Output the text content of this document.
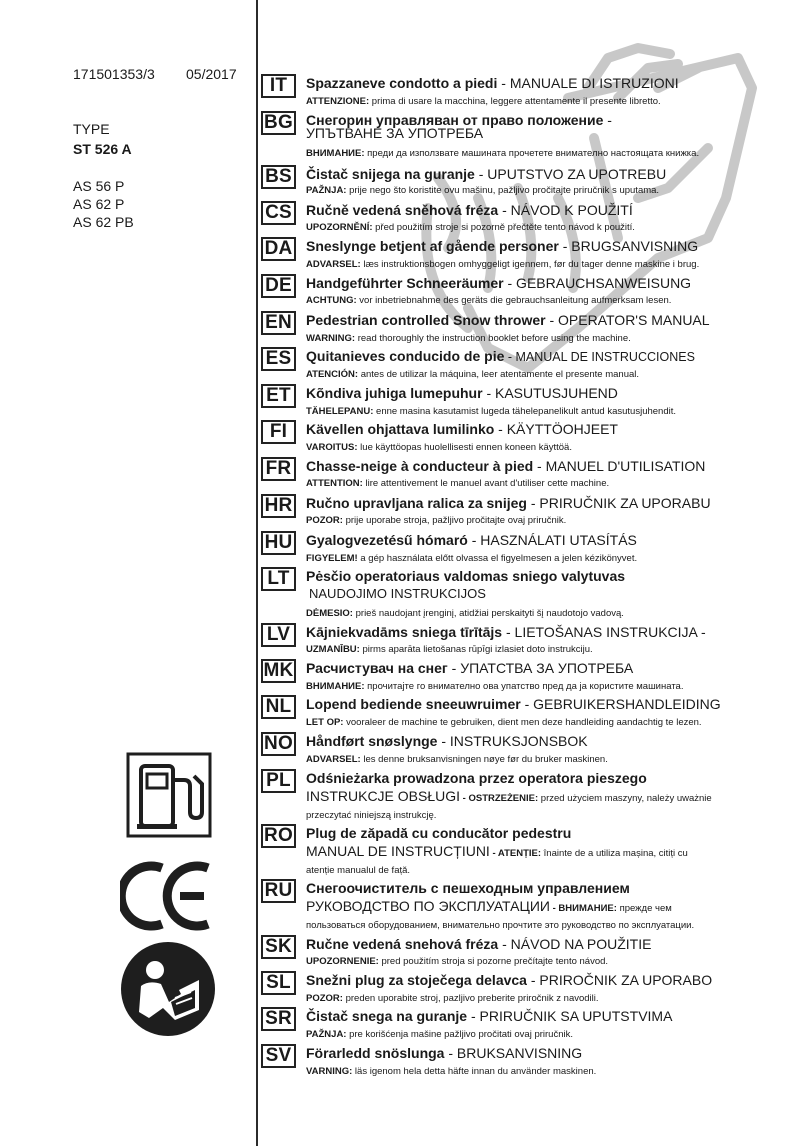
171501353/3 05/2017
TYPE
ST 526 A
AS 56 P
AS 62 P
AS 62 PB
IT	Spazzaneve condotto a piedi - MANUALE DI ISTRUZIONI
ATTENZIONE: prima di usare la macchina, leggere attentamente il presente libretto.
BG Снегорин управляван от право положение -
УПЪТВАНЕ ЗА УПОТРЕБА
ВНИМАНИЕ: преди да използвате машината прочетете внимателно настоящата книжка.
BS Čistač snijega na guranje - UPUTSTVO ZA UPOTREBU
PAŽNJA: prije nego što koristite ovu mašinu, pažljivo pročitajte priručnik s uputama.
CS Ručně vedená sněhová fréza - NÁVOD K POUŽITÍ
UPOZORNĚNÍ: před použitím stroje si pozorně přečtěte tento návod k použití.
DA Sneslynge betjent af gående personer - BRUGSANVISNING
ADVARSEL: læs instruktionsbogen omhyggeligt igennem, før du tager denne maskine i brug.
DE Handgeführter Schneeräumer - GEBRAUCHSANWEISUNG
ACHTUNG: vor inbetriebnahme des geräts die gebrauchsanleitung aufmerksam lesen.
EN Pedestrian controlled Snow thrower - OPERATOR'S MANUAL
WARNING: read thoroughly the instruction booklet before using the machine.
ES	Quitanieves conducido de pie - MANUAL DE INSTRUCCIONES
ATENCIÓN: antes de utilizar la máquina, leer atentamente el presente manual.
ET	Kõndiva juhiga lumepuhur - KASUTUSJUHEND
TÄHELEPANU: enne masina kasutamist lugeda tähelepanelikult antud kasutusjuhendit.
FI	Kävellen ohjattava lumilinko - KÄYTTÖOHJEET
VAROITUS: lue käyttöopas huolellisesti ennen koneen käyttöä.
FR	Chasse-neige à conducteur à pied - MANUEL D'UTILISATION
ATTENTION: lire attentivement le manuel avant d'utiliser cette machine.
HR Ručno upravljana ralica za snijeg - PRIRUČNIK ZA UPORABU
POZOR: prije uporabe stroja, pažljivo pročitajte ovaj priručnik.
HU Gyalogvezetésű hómaró - HASZNÁLATI UTASÍTÁS
FIGYELEM! a gép használata előtt olvassa el figyelmesen a jelen kézikönyvet.
LT	Pėsčio operatoriaus valdomas sniego valytuvas
NAUDOJIMO INSTRUKCIJOS
DĖMESIO: prieš naudojant įrenginį, atidžiai perskaityti šį naudotojo vadovą.
LV	Kājniekvadāms sniega tīrītājs - LIETOŠANAS INSTRUKCIJA -
UZMANĪBU: pirms aparāta lietošanas rūpīgi izlasiet doto instrukciju.
MK Расчистувач на снег - УПАТСТВА ЗА УПОТРЕБА
ВНИМАНИЕ: прочитајте го внимателно ова упатство пред да ја користите машината.
NL	Lopend bediende sneeuwruimer - GEBRUIKERSHANDLEIDING
LET OP: vooraleer de machine te gebruiken, dient men deze handleiding aandachtig te lezen.
NO Håndført snøslynge - INSTRUKSJONSBOK
ADVARSEL: les denne bruksanvisningen nøye før du bruker maskinen.
PL	Odśnieżarka prowadzona przez operatora pieszego
INSTRUKCJE OBSŁUGI - OSTRZEŻENIE: przed użyciem maszyny, należy uważnie
przeczytać niniejszą instrukcję.
RO Plug de zăpadă cu conducător pedestru
MANUAL DE INSTRUCȚIUNI - ATENȚIE: înainte de a utiliza mașina, citiți cu
atenție manualul de față.
RU Снегоочиститель с пешеходным управлением
РУКОВОДСТВО ПО ЭКСПЛУАТАЦИИ - ВНИМАНИЕ: прежде чем
пользоваться оборудованием, внимательно прочтите это руководство по эксплуатации.
SK Ručne vedená snehová fréza - NÁVOD NA POUŽITIE
UPOZORNENIE: pred použitím stroja si pozorne prečítajte tento návod.
SL	Snežni plug za stoječega delavca - PRIROČNIK ZA UPORABO
POZOR: preden uporabite stroj, pazljivo preberite priročnik z navodili.
SR Čistač snega na guranje - PRIRUČNIK SA UPUTSTVIMA
PAŽNJA: pre korišćenja mašine pažljivo pročitati ovaj priručnik.
SV	Förarledd snöslunga - BRUKSANVISNING
VARNING: läs igenom hela detta häfte innan du använder maskinen.
